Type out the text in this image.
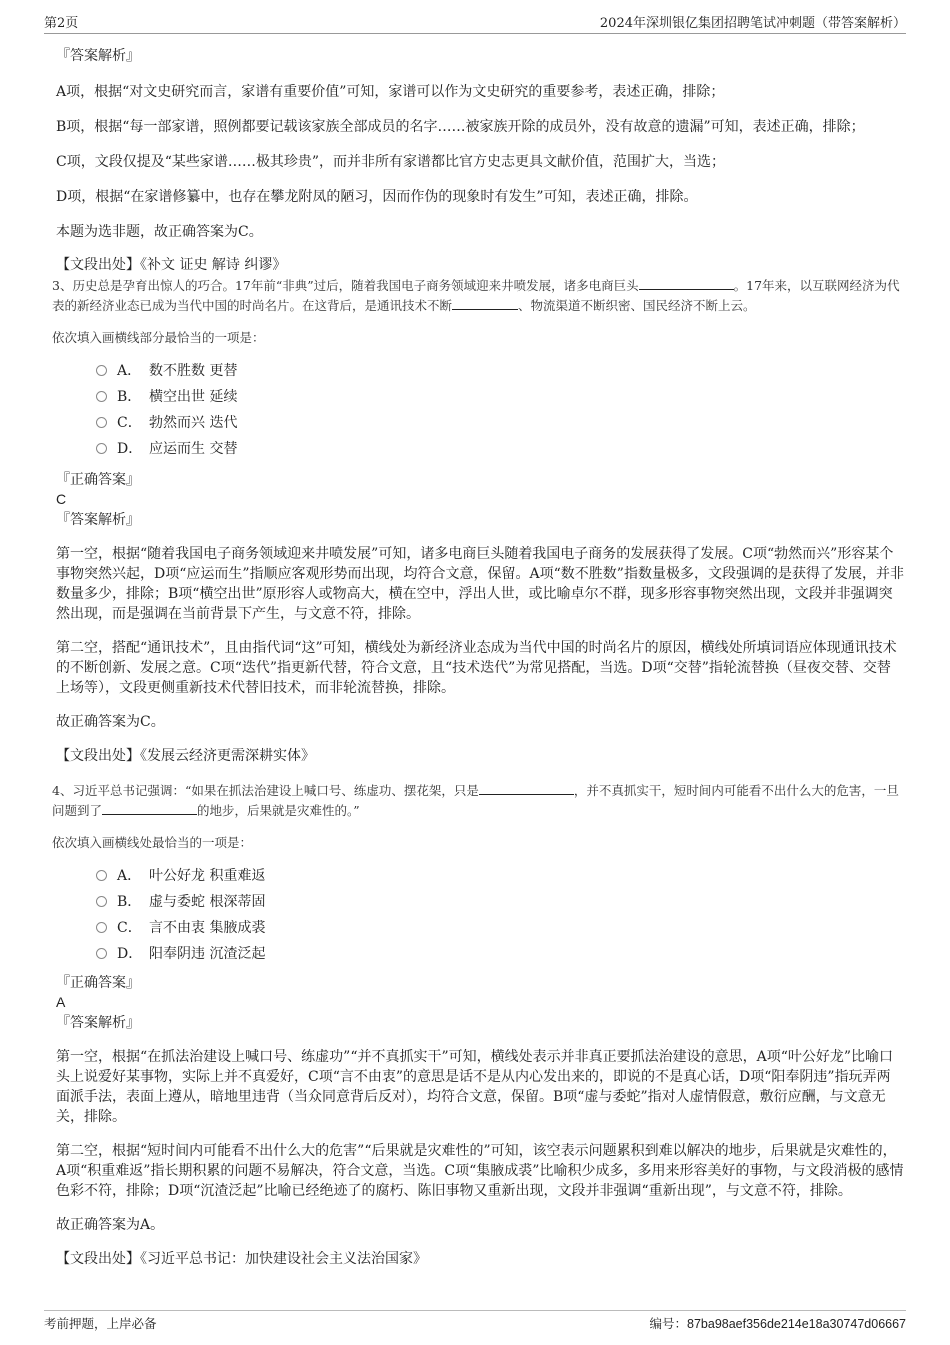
第2页	2024年深圳银亿集团招聘笔试冲刺题（带答案解析）

『答案解析』

A项，根据“对文史研究而言，家谱有重要价值”可知，家谱可以作为文史研究的重要参考，表述正确，排除；

B项，根据“每一部家谱，照例都要记载该家族全部成员的名字……被家族开除的成员外，没有故意的遗漏”可知，表述正确，排除；

C项，文段仅提及“某些家谱……极其珍贵”，而并非所有家谱都比官方史志更具文献价值，范围扩大，当选；

D项，根据“在家谱修纂中，也存在攀龙附凤的陋习，因而作伪的现象时有发生”可知，表述正确，排除。

本题为选非题，故正确答案为C。

【文段出处】《补文 证史 解诗 纠谬》

3、历史总是孕育出惊人的巧合。17年前“非典”过后，随着我国电子商务领域迎来井喷发展，诸多电商巨头	。17年来，以互联网经济为代表的新经济业态已成为当代中国的时尚名片。在这背后，是通讯技术不断	、物流渠道不断织密、国民经济不断上云。

依次填入画横线部分最恰当的一项是：

A． 数不胜数 更替

B． 横空出世 延续

C． 勃然而兴 迭代

D． 应运而生 交替

『正确答案』

C

『答案解析』

第一空，根据“随着我国电子商务领域迎来井喷发展”可知，诸多电商巨头随着我国电子商务的发展获得了发展。C项“勃然而兴”形容某个事物突然兴起，D项“应运而生”指顺应客观形势而出现，均符合文意，保留。A项“数不胜数”指数量极多，文段强调的是获得了发展，并非数量多少，排除；B项“横空出世”原形容人或物高大，横在空中，浮出人世，或比喻卓尔不群，现多形容事物突然出现，文段并非强调突然出现，而是强调在当前背景下产生，与文意不符，排除。

第二空，搭配“通讯技术”，且由指代词“这”可知，横线处为新经济业态成为当代中国的时尚名片的原因，横线处所填词语应体现通讯技术的不断创新、发展之意。C项“迭代”指更新代替，符合文意，且“技术迭代”为常见搭配，当选。D项“交替”指轮流替换（昼夜交替、交替上场等），文段更侧重新技术代替旧技术，而非轮流替换，排除。

故正确答案为C。

【文段出处】《发展云经济更需深耕实体》

4、习近平总书记强调：“如果在抓法治建设上喊口号、练虚功、摆花架，只是	，并不真抓实干，短时间内可能看不出什么大的危害，一旦问题到了	的地步，后果就是灾难性的。”

依次填入画横线处最恰当的一项是：

A． 叶公好龙 积重难返

B． 虚与委蛇 根深蒂固

C． 言不由衷 集腋成裘

D． 阳奉阴违 沉渣泛起

『正确答案』

A

『答案解析』

第一空，根据“在抓法治建设上喊口号、练虚功”“并不真抓实干”可知，横线处表示并非真正要抓法治建设的意思，A项“叶公好龙”比喻口头上说爱好某事物，实际上并不真爱好，C项“言不由衷”的意思是话不是从内心发出来的，即说的不是真心话，D项“阳奉阴违”指玩弄两面派手法，表面上遵从，暗地里违背（当众同意背后反对），均符合文意，保留。B项“虚与委蛇”指对人虚情假意，敷衍应酬，与文意无关，排除。

第二空，根据“短时间内可能看不出什么大的危害”“后果就是灾难性的”可知，该空表示问题累积到难以解决的地步，后果就是灾难性的，A项“积重难返”指长期积累的问题不易解决，符合文意，当选。C项“集腋成裘”比喻积少成多，多用来形容美好的事物，与文段消极的感情色彩不符，排除；D项“沉渣泛起”比喻已经绝迹了的腐朽、陈旧事物又重新出现，文段并非强调“重新出现”，与文意不符，排除。

故正确答案为A。

【文段出处】《习近平总书记：加快建设社会主义法治国家》

考前押题，上岸必备	编号：87ba98aef356de214e18a30747d06667
